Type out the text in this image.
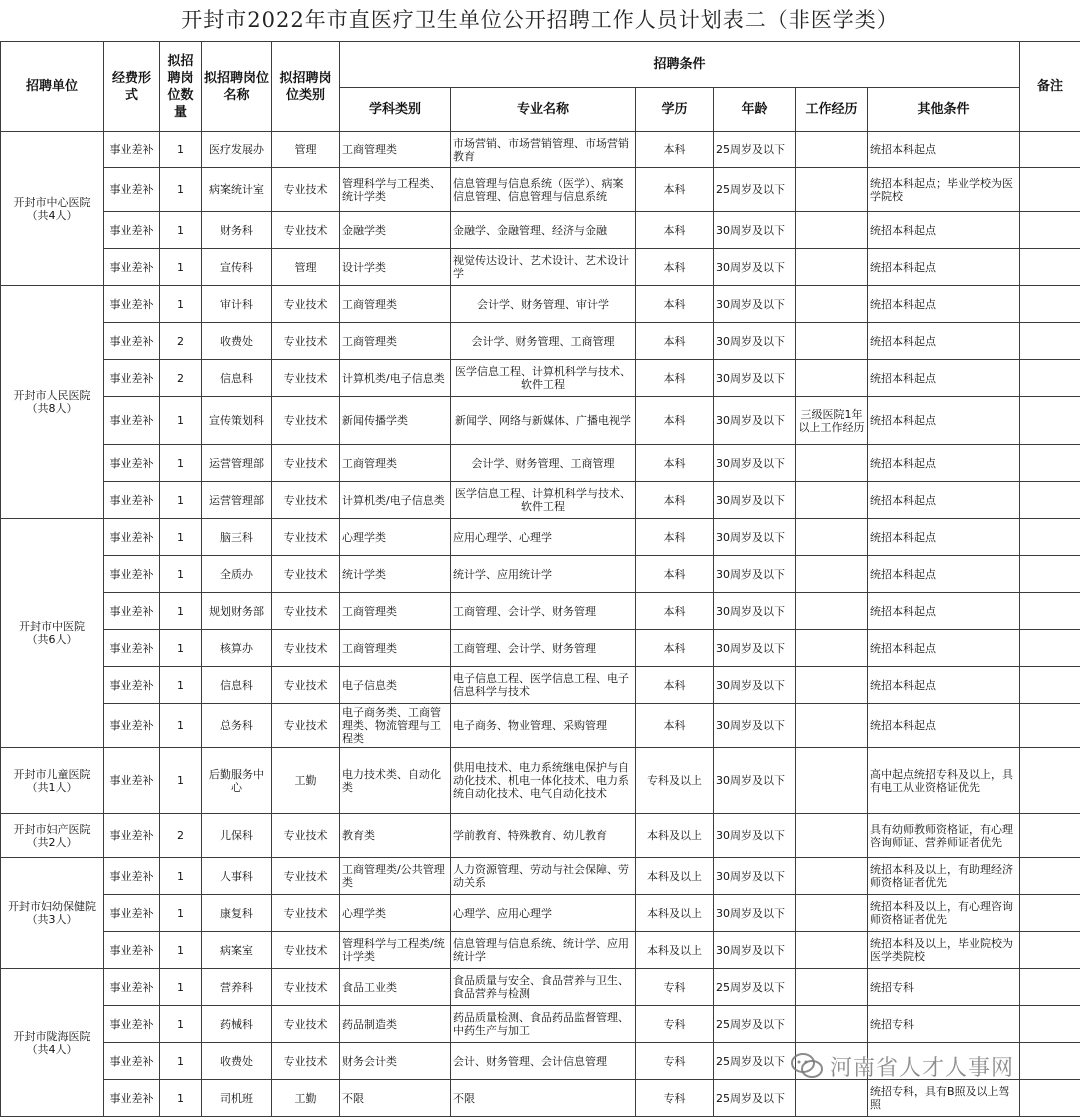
开封市2022年市直医疗卫生单位公开招聘工作人员计划表二（非医学类）
招聘单位	经费形式	拟招聘岗位数量	拟招聘岗位名称	拟招聘岗位类别	招聘条件						备注
					学科类别	专业名称	学历	年龄	工作经历	其他条件	
开封市中心医院
（共4人）	事业差补	1	医疗发展办	管理	工商管理类	市场营销、市场营销管理、市场营销教育	本科	25周岁及以下		统招本科起点	
	事业差补	1	病案统计室	专业技术	管理科学与工程类、统计学类	信息管理与信息系统（医学）、病案信息管理、信息管理与信息系统	本科	25周岁及以下		统招本科起点；毕业学校为医学院校	
	事业差补	1	财务科	专业技术	金融学类	金融学、金融管理、经济与金融	本科	30周岁及以下		统招本科起点	
	事业差补	1	宣传科	管理	设计学类	视觉传达设计、艺术设计、艺术设计学	本科	30周岁及以下		统招本科起点	
开封市人民医院
（共8人）	事业差补	1	审计科	专业技术	工商管理类	会计学、财务管理、审计学	本科	30周岁及以下		统招本科起点	
	事业差补	2	收费处	专业技术	工商管理类	会计学、财务管理、工商管理	本科	30周岁及以下		统招本科起点	
	事业差补	2	信息科	专业技术	计算机类/电子信息类	医学信息工程、计算机科学与技术、软件工程	本科	30周岁及以下		统招本科起点	
	事业差补	1	宣传策划科	专业技术	新闻传播学类	新闻学、网络与新媒体、广播电视学	本科	30周岁及以下	三级医院1年以上工作经历	统招本科起点	
	事业差补	1	运营管理部	专业技术	工商管理类	会计学、财务管理、工商管理	本科	30周岁及以下		统招本科起点	
	事业差补	1	运营管理部	专业技术	计算机类/电子信息类	医学信息工程、计算机科学与技术、软件工程	本科	30周岁及以下		统招本科起点	
开封市中医院
（共6人）	事业差补	1	脑三科	专业技术	心理学类	应用心理学、心理学	本科	30周岁及以下		统招本科起点	
	事业差补	1	全质办	专业技术	统计学类	统计学、应用统计学	本科	30周岁及以下		统招本科起点	
	事业差补	1	规划财务部	专业技术	工商管理类	工商管理、会计学、财务管理	本科	30周岁及以下		统招本科起点	
	事业差补	1	核算办	专业技术	工商管理类	工商管理、会计学、财务管理	本科	30周岁及以下		统招本科起点	
	事业差补	1	信息科	专业技术	电子信息类	电子信息工程、医学信息工程、电子信息科学与技术	本科	30周岁及以下		统招本科起点	
	事业差补	1	总务科	专业技术	电子商务类、工商管理类、物流管理与工程类	电子商务、物业管理、采购管理	本科	30周岁及以下		统招本科起点	
开封市儿童医院
（共1人）	事业差补	1	后勤服务中心	工勤	电力技术类、自动化类	供用电技术、电力系统继电保护与自动化技术、机电一体化技术、电力系统自动化技术、电气自动化技术	专科及以上	30周岁及以下		高中起点统招专科及以上，具有电工从业资格证优先	
开封市妇产医院
（共2人）	事业差补	2	儿保科	专业技术	教育类	学前教育、特殊教育、幼儿教育	本科及以上	30周岁及以下		具有幼师教师资格证，有心理咨询师证、营养师证者优先	
开封市妇幼保健院
（共3人）	事业差补	1	人事科	专业技术	工商管理类/公共管理类	人力资源管理、劳动与社会保障、劳动关系	本科及以上	30周岁及以下		统招本科及以上，有助理经济师资格证者优先	
	事业差补	1	康复科	专业技术	心理学类	心理学、应用心理学	本科及以上	30周岁及以下		统招本科及以上，有心理咨询师资格证者优先	
	事业差补	1	病案室	专业技术	管理科学与工程类/统计学类	信息管理与信息系统、统计学、应用统计学	本科及以上	30周岁及以下		统招本科及以上，毕业院校为医学类院校	
开封市陇海医院
（共4人）	事业差补	1	营养科	专业技术	食品工业类	食品质量与安全、食品营养与卫生、食品营养与检测	专科	25周岁及以下		统招专科	
	事业差补	1	药械科	专业技术	药品制造类	药品质量检测、食品药品监督管理、中药生产与加工	专科	25周岁及以下		统招专科	
	事业差补	1	收费处	专业技术	财务会计类	会计、财务管理、会计信息管理	专科	25周岁及以下			
	事业差补	1	司机班	工勤	不限	不限	专科	25周岁及以下		统招专科，具有B照及以上驾照	
河南省人才人事网
